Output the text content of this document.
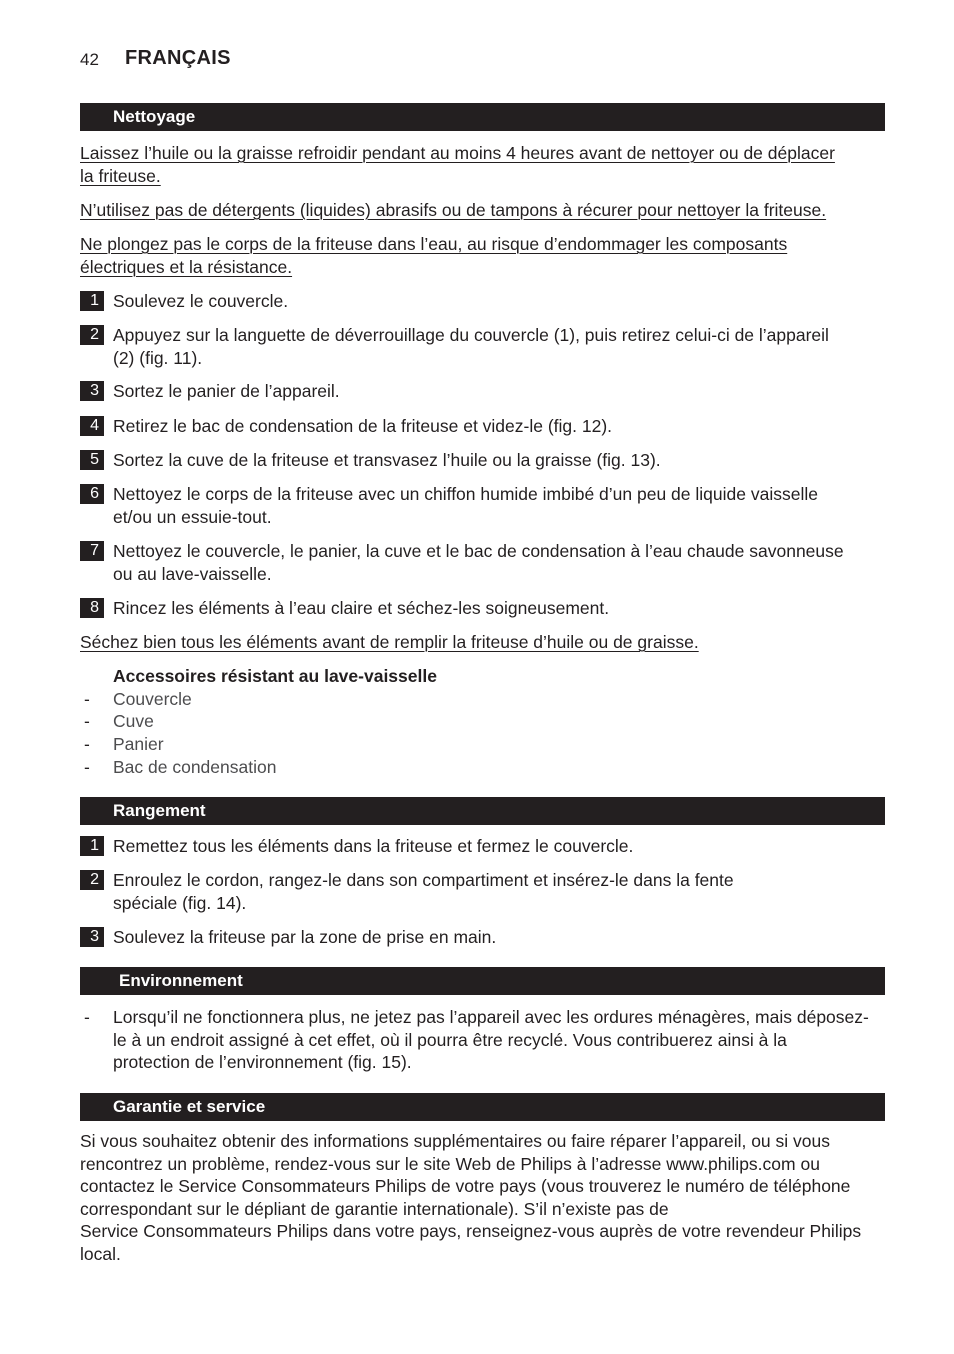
42 FRANÇAIS
Nettoyage
Laissez l’huile ou la graisse refroidir pendant au moins 4 heures avant de nettoyer ou de déplacer
la friteuse.
N’utilisez pas de détergents (liquides) abrasifs ou de tampons à récurer pour nettoyer la friteuse.
Ne plongez pas le corps de la friteuse dans l’eau, au risque d’endommager les composants
électriques et la résistance.
1 Soulevez le couvercle.
2 Appuyez sur la languette de déverrouillage du couvercle (1), puis retirez celui-ci de l’appareil
(2) (fig. 11).
3 Sortez le panier de l’appareil.
4 Retirez le bac de condensation de la friteuse et videz-le (fig. 12).
5 Sortez la cuve de la friteuse et transvasez l’huile ou la graisse (fig. 13).
6 Nettoyez le corps de la friteuse avec un chiffon humide imbibé d’un peu de liquide vaisselle
et/ou un essuie-tout.
7 Nettoyez le couvercle, le panier, la cuve et le bac de condensation à l’eau chaude savonneuse
ou au lave-vaisselle.
8 Rincez les éléments à l’eau claire et séchez-les soigneusement.
Séchez bien tous les éléments avant de remplir la friteuse d’huile ou de graisse.
Accessoires résistant au lave-vaisselle
- Couvercle
- Cuve
- Panier
- Bac de condensation
Rangement
1 Remettez tous les éléments dans la friteuse et fermez le couvercle.
2 Enroulez le cordon, rangez-le dans son compartiment et insérez-le dans la fente
spéciale (fig. 14).
3 Soulevez la friteuse par la zone de prise en main.
Environnement
- Lorsqu’il ne fonctionnera plus, ne jetez pas l’appareil avec les ordures ménagères, mais déposez-
le à un endroit assigné à cet effet, où il pourra être recyclé. Vous contribuerez ainsi à la
protection de l’environnement (fig. 15).
Garantie et service
Si vous souhaitez obtenir des informations supplémentaires ou faire réparer l’appareil, ou si vous
rencontrez un problème, rendez-vous sur le site Web de Philips à l’adresse www.philips.com ou
contactez le Service Consommateurs Philips de votre pays (vous trouverez le numéro de téléphone
correspondant sur le dépliant de garantie internationale). S’il n’existe pas de
Service Consommateurs Philips dans votre pays, renseignez-vous auprès de votre revendeur Philips
local.
